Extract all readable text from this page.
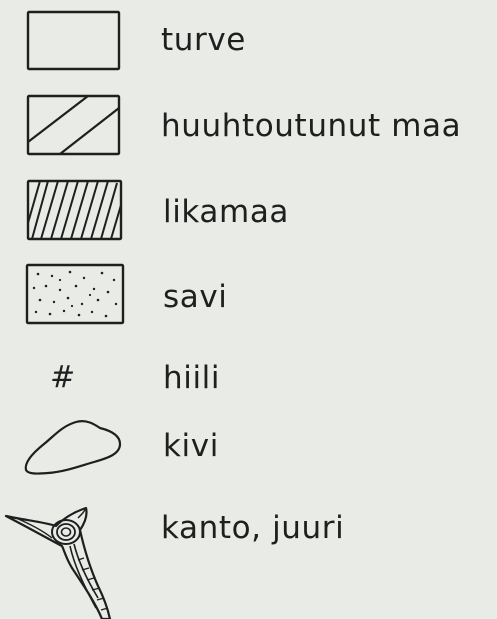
turve
huuhtoutunut maa
likamaa
savi
#	hiili
kivi
kanto, juuri
